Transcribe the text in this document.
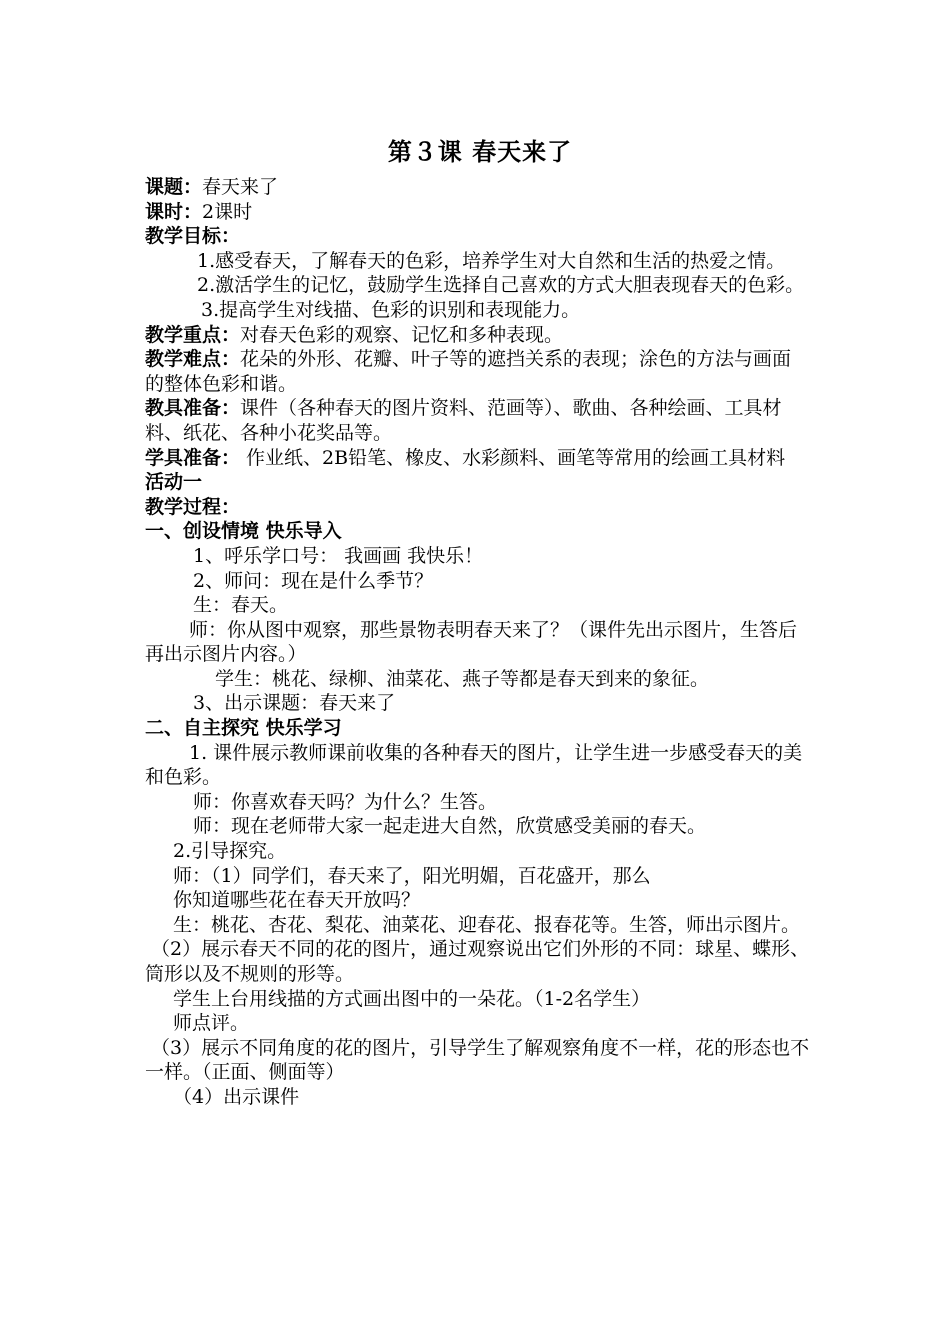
第３课 春天来了

课题：春天来了

课时：2课时

教学目标：

1.感受春天，了解春天的色彩，培养学生对大自然和生活的热爱之情。

2.激活学生的记忆，鼓励学生选择自己喜欢的方式大胆表现春天的色彩。

3.提高学生对线描、色彩的识别和表现能力。

教学重点：对春天色彩的观察、记忆和多种表现。

教学难点：花朵的外形、花瓣、叶子等的遮挡关系的表现；涂色的方法与画面的整体色彩和谐。

教具准备：课件（各种春天的图片资料、范画等）、歌曲、各种绘画、工具材料、纸花、各种小花奖品等。

学具准备： 作业纸、2B铅笔、橡皮、水彩颜料、画笔等常用的绘画工具材料

活动一

教学过程：

一、创设情境 快乐导入

1、呼乐学口号： 我画画 我快乐！

2、师问：现在是什么季节？

生：春天。

师：你从图中观察，那些景物表明春天来了？（课件先出示图片，生答后再出示图片内容。）

学生：桃花、绿柳、油菜花、燕子等都是春天到来的象征。

3、出示课题：春天来了

二、自主探究 快乐学习

1. 课件展示教师课前收集的各种春天的图片，让学生进一步感受春天的美和色彩。

师：你喜欢春天吗？为什么？生答。

师：现在老师带大家一起走进大自然，欣赏感受美丽的春天。

2.引导探究。

师：（1）同学们，春天来了，阳光明媚，百花盛开，那么

你知道哪些花在春天开放吗？

生：桃花、杏花、梨花、油菜花、迎春花、报春花等。生答，师出示图片。

（2）展示春天不同的花的图片，通过观察说出它们外形的不同：球星、蝶形、筒形以及不规则的形等。

学生上台用线描的方式画出图中的一朵花。（1-2名学生）

师点评。

（3）展示不同角度的花的图片，引导学生了解观察角度不一样，花的形态也不一样。（正面、侧面等）

（4）出示课件
